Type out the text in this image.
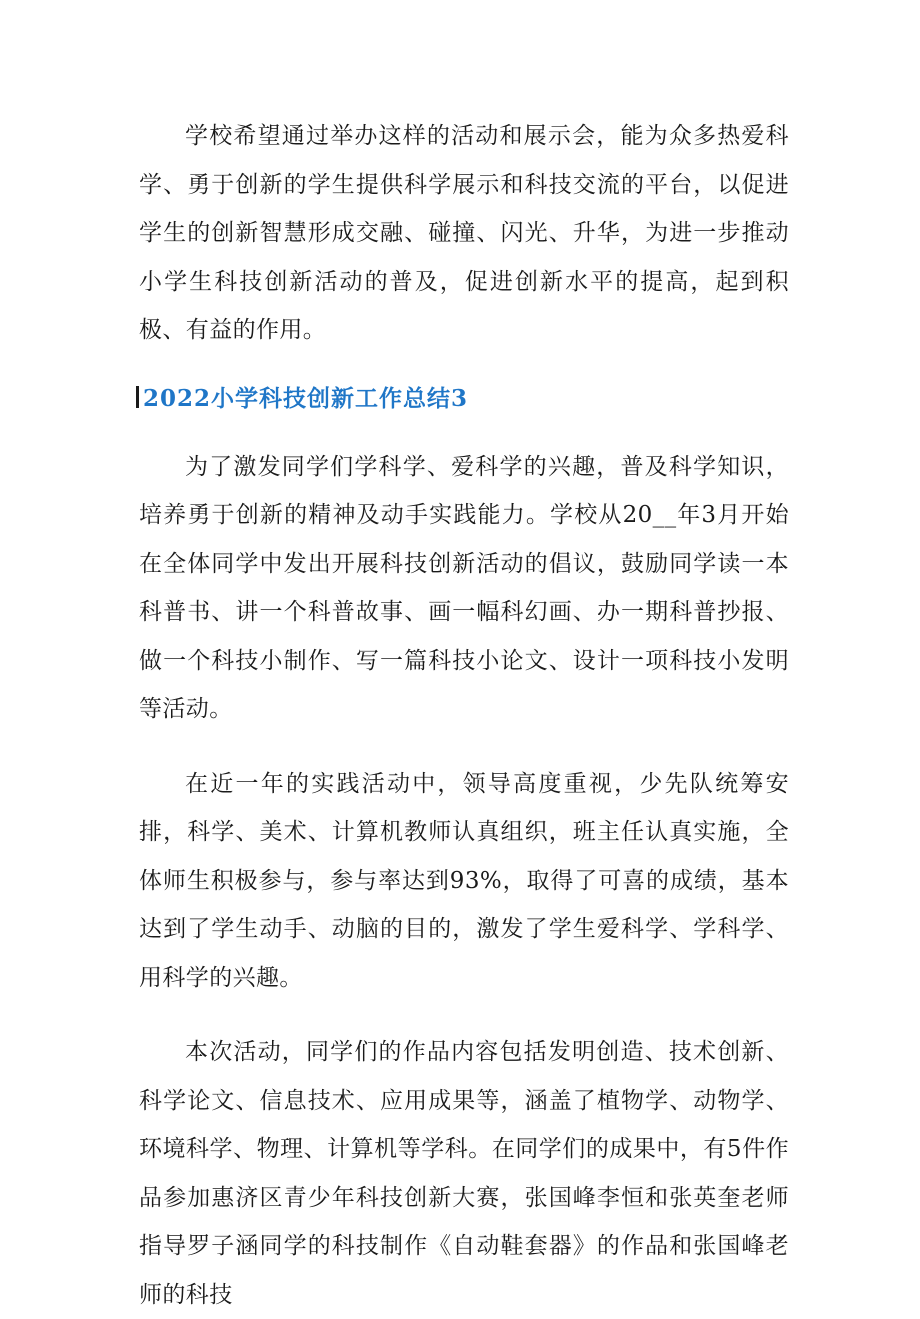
学校希望通过举办这样的活动和展示会，能为众多热爱科学、勇于创新的学生提供科学展示和科技交流的平台，以促进学生的创新智慧形成交融、碰撞、闪光、升华，为进一步推动小学生科技创新活动的普及，促进创新水平的提高，起到积极、有益的作用。

2022小学科技创新工作总结3

为了激发同学们学科学、爱科学的兴趣，普及科学知识，培养勇于创新的精神及动手实践能力。学校从20__年3月开始在全体同学中发出开展科技创新活动的倡议，鼓励同学读一本科普书、讲一个科普故事、画一幅科幻画、办一期科普抄报、做一个科技小制作、写一篇科技小论文、设计一项科技小发明等活动。

在近一年的实践活动中，领导高度重视，少先队统筹安排，科学、美术、计算机教师认真组织，班主任认真实施，全体师生积极参与，参与率达到93%，取得了可喜的成绩，基本达到了学生动手、动脑的目的，激发了学生爱科学、学科学、用科学的兴趣。

本次活动，同学们的作品内容包括发明创造、技术创新、科学论文、信息技术、应用成果等，涵盖了植物学、动物学、环境科学、物理、计算机等学科。在同学们的成果中，有5件作品参加惠济区青少年科技创新大赛，张国峰李恒和张英奎老师指导罗子涵同学的科技制作《自动鞋套器》的作品和张国峰老师的科技
